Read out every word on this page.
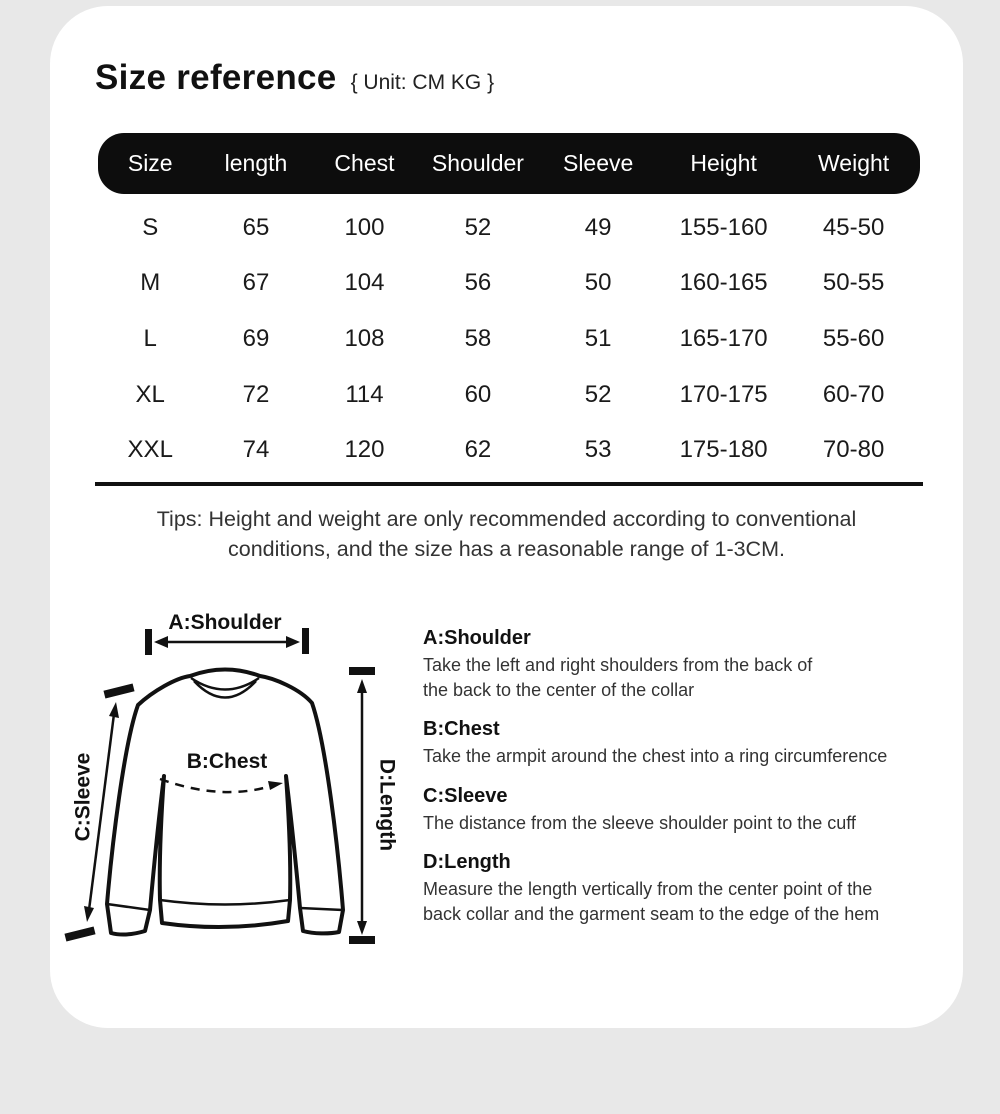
Size reference { Unit: CM KG }
Size	length	Chest	Shoulder	Sleeve	Height	Weight
S	65	100	52	49	155-160	45-50
M	67	104	56	50	160-165	50-55
L	69	108	58	51	165-170	55-60
XL	72	114	60	52	170-175	60-70
XXL	74	120	62	53	175-180	70-80
Tips: Height and weight are only recommended according to conventional
conditions, and the size has a reasonable range of 1-3CM.
A:Shoulder
B:Chest
C:Sleeve	D:Length
A:Shoulder
Take the left and right shoulders from the back of
the back to the center of the collar
B:Chest
Take the armpit around the chest into a ring circumference
C:Sleeve
The distance from the sleeve shoulder point to the cuff
D:Length
Measure the length vertically from the center point of the
back collar and the garment seam to the edge of the hem
